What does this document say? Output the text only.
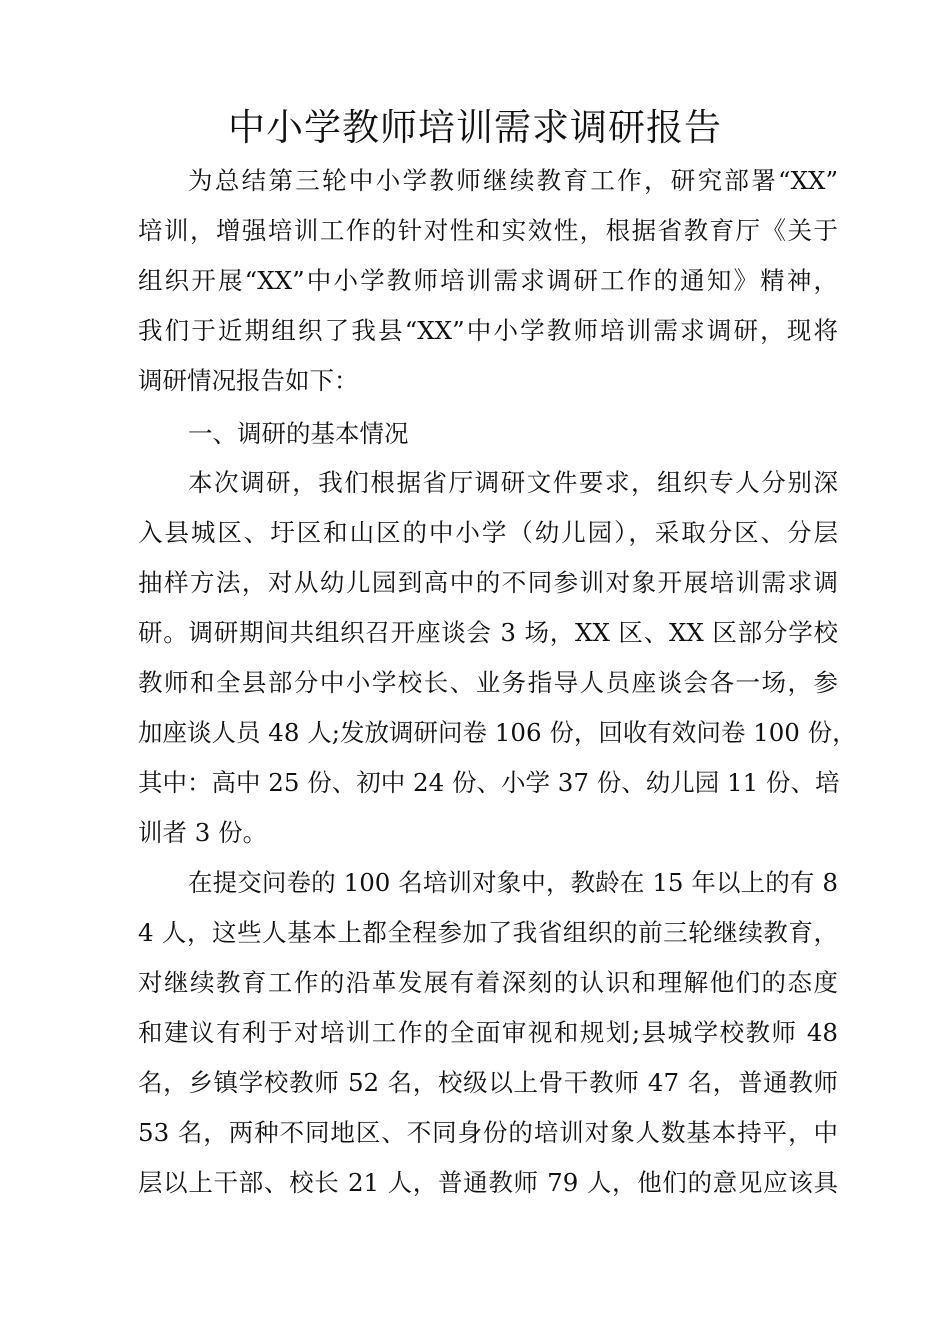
中小学教师培训需求调研报告
为总结第三轮中小学教师继续教育工作，研究部署“XX”
培训，增强培训工作的针对性和实效性，根据省教育厅《关于
组织开展“XX”中小学教师培训需求调研工作的通知》精神，
我们于近期组织了我县“XX”中小学教师培训需求调研，现将
调研情况报告如下：
一、调研的基本情况
本次调研，我们根据省厅调研文件要求，组织专人分别深
入县城区、圩区和山区的中小学（幼儿园），采取分区、分层
抽样方法，对从幼儿园到高中的不同参训对象开展培训需求调
研。调研期间共组织召开座谈会 3 场，XX 区、XX 区部分学校
教师和全县部分中小学校长、业务指导人员座谈会各一场，参
加座谈人员 48 人;发放调研问卷 106 份，回收有效问卷 100 份，
其中：高中 25 份、初中 24 份、小学 37 份、幼儿园 11 份、培
训者 3 份。
在提交问卷的 100 名培训对象中，教龄在 15 年以上的有 8
4 人，这些人基本上都全程参加了我省组织的前三轮继续教育，
对继续教育工作的沿革发展有着深刻的认识和理解他们的态度
和建议有利于对培训工作的全面审视和规划;县城学校教师 48
名，乡镇学校教师 52 名，校级以上骨干教师 47 名，普通教师
53 名，两种不同地区、不同身份的培训对象人数基本持平，中
层以上干部、校长 21 人，普通教师 79 人，他们的意见应该具
